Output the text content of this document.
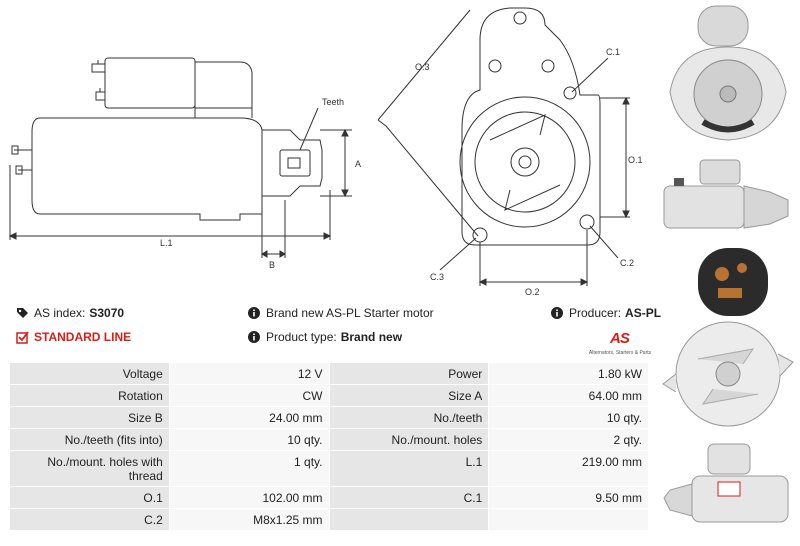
Teeth
A
B
L.1
O.3
C.1
O.1
C.3
C.2
O.2
AS index: S3070
STANDARD LINE
Brand new AS-PL Starter motor
Product type: Brand new
Producer: AS-PL
AS
Alternators, Starters & Parts
Voltage	12 V	Power	1.80 kW
Rotation	CW	Size A	64.00 mm
Size B	24.00 mm	No./teeth	10 qty.
No./teeth (fits into)	10 qty.	No./mount. holes	2 qty.
No./mount. holes with thread	1 qty.	L.1	219.00 mm
O.1	102.00 mm	C.1	9.50 mm
C.2	M8x1.25 mm		
